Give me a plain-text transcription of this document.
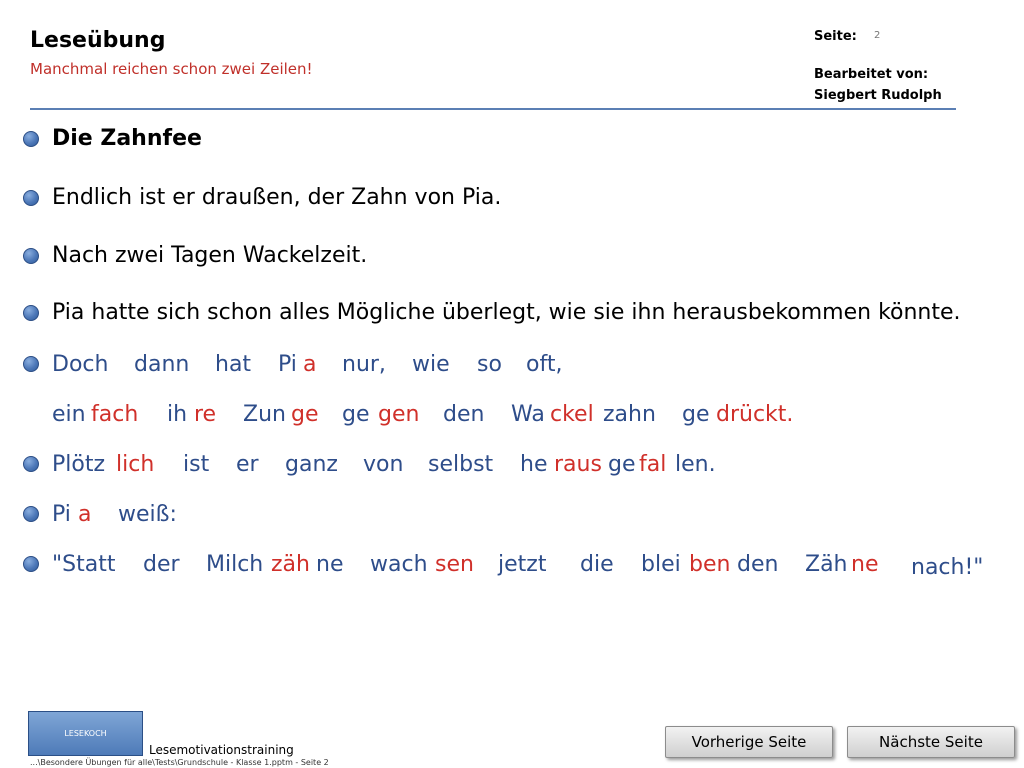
Leseübung
Manchmal reichen schon zwei Zeilen!
Seite: 2
Bearbeitet von:
Siegbert Rudolph
Die Zahnfee
Endlich ist er draußen, der Zahn von Pia.
Nach zwei Tagen Wackelzeit.
Pia hatte sich schon alles Mögliche überlegt, wie sie ihn herausbekommen könnte.
Doch dann hat Pi a nur, wie so oft,
ein fach ih re Zun ge ge gen den Wa ckel zahn ge drückt.
Plötz lich ist er ganz von selbst he raus ge fal len.
Pi a weiß:
"Statt der Milch zäh ne wach sen jetzt die blei ben den Zäh ne nach!"
LESEKOCH
Lesemotivationstraining
...\Besondere Übungen für alle\Tests\Grundschule - Klasse 1.pptm - Seite 2
Vorherige Seite	Nächste Seite
